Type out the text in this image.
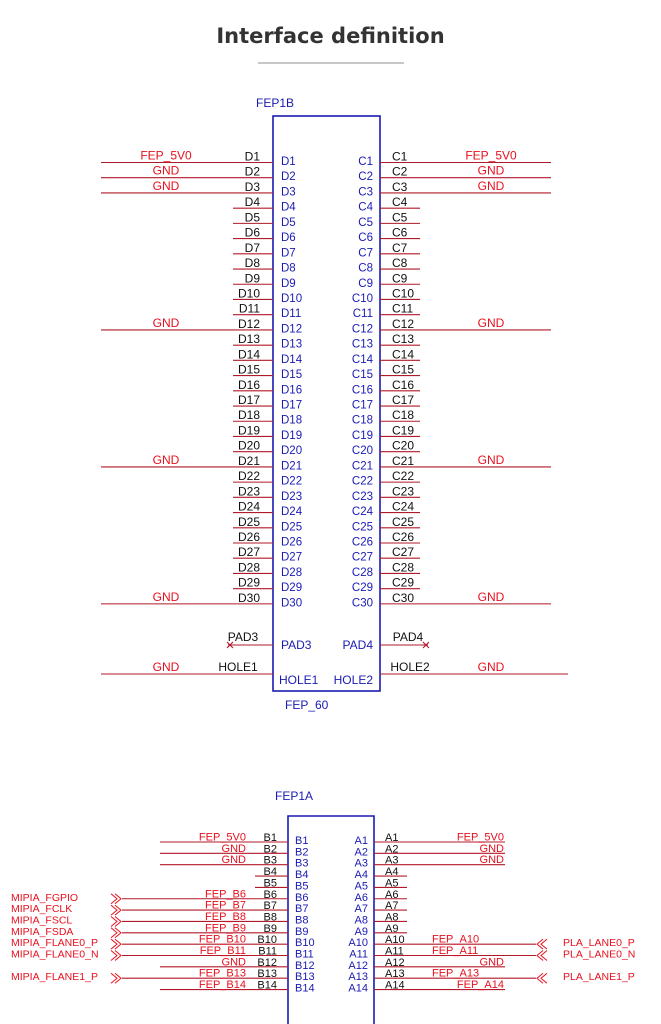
Interface definition
FEP1B
FEP_60
D1 D1
FEP_5V0
D2 D2
GND
D3 D3
GND
D4 D4
D5 D5
D6 D6
D7 D7
D8 D8
D9 D9
D10 D10
D11 D11
D12 D12
GND
D13 D13
D14 D14
D15 D15
D16 D16
D17 D17
D18 D18
D19 D19
D20 D20
D21 D21
GND
D22 D22
D23 D23
D24 D24
D25 D25
D26 D26
D27 D27
D28 D28
D29 D29
D30 D30
GND
C1
C1	FEP_5V0
C2
C2	GND
C3
C3	GND
C4
C4
C5
C5
C6
C6
C7
C7
C8
C8
C9
C9
C10
C10
C11
C11
C12
C12	GND
C13
C13
C14
C14
C15
C15
C16
C16
C17
C17
C18
C18
C19
C19
C20
C20
C21
C21	GND
C22
C22
C23
C23
C24
C24
C25
C25
C26
C26
C27
C27
C28
C28
C29
C29
C30
C30	GND
PAD3
PAD3
PAD4
PAD4
GND	HOLE1
HOLE1
HOLE2
HOLE2
GND
FEP1A
B1 B1
FEP_5V0
B2 B2
GND
B3 B3
GND
B4 B4
B5 B5
B6 B6
FEP_B6
MIPIA_FGPIO
B7 B7
FEP_B7
MIPIA_FCLK
B8 B8
FEP_B8
MIPIA_FSCL
B9 B9
FEP_B9
MIPIA_FSDA
B10 B10
FEP_B10
MIPIA_FLANE0_P
B11 B11
FEP_B11
MIPIA_FLANE0_N
B12 B12
GND
B13 B13
FEP_B13
MIPIA_FLANE1_P
B14 B14
FEP_B14
A1
A1	FEP_5V0
A2
A2	GND
A3
A3	GND
A4
A4
A5
A5
A6
A6
A7
A7
A8
A8
A9
A9
A10
A10	FEP_A10	PLA_LANE0_P
A11
A11	FEP_A11	PLA_LANE0_N
A12
A12	GND
A13
A13	FEP_A13	PLA_LANE1_P
A14
A14	FEP_A14
